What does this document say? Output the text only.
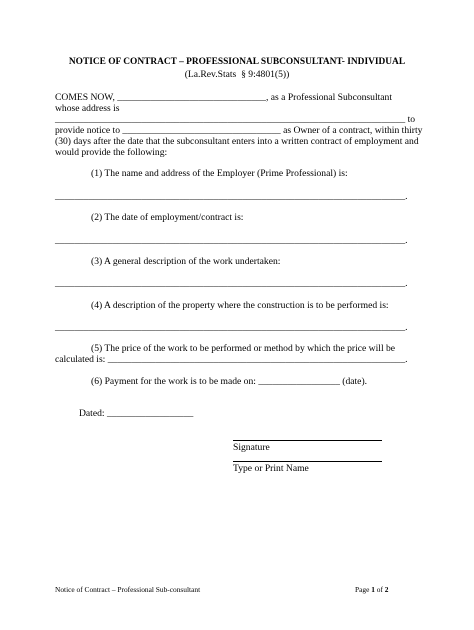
NOTICE OF CONTRACT – PROFESSIONAL SUBCONSULTANT- INDIVIDUAL
(La.Rev.Stats  § 9:4801(5))
COMES NOW, _______________________________, as a Professional Subconsultant
whose address is
_________________________________________________________________________ to
provide notice to _________________________________ as Owner of a contract, within thirty
(30) days after the date that the subconsultant enters into a written contract of employment and
would provide the following:
(1) The name and address of the Employer (Prime Professional) is:
_________________________________________________________________________.
(2) The date of employment/contract is:
_________________________________________________________________________.
(3) A general description of the work undertaken:
_________________________________________________________________________.
(4) A description of the property where the construction is to be performed is:
_________________________________________________________________________.
(5) The price of the work to be performed or method by which the price will be
calculated is: ______________________________________________________________.
(6) Payment for the work is to be made on: _________________ (date).
Dated: __________________
Signature
Type or Print Name
Notice of Contract – Professional Sub-consultant	Page 1 of 2
